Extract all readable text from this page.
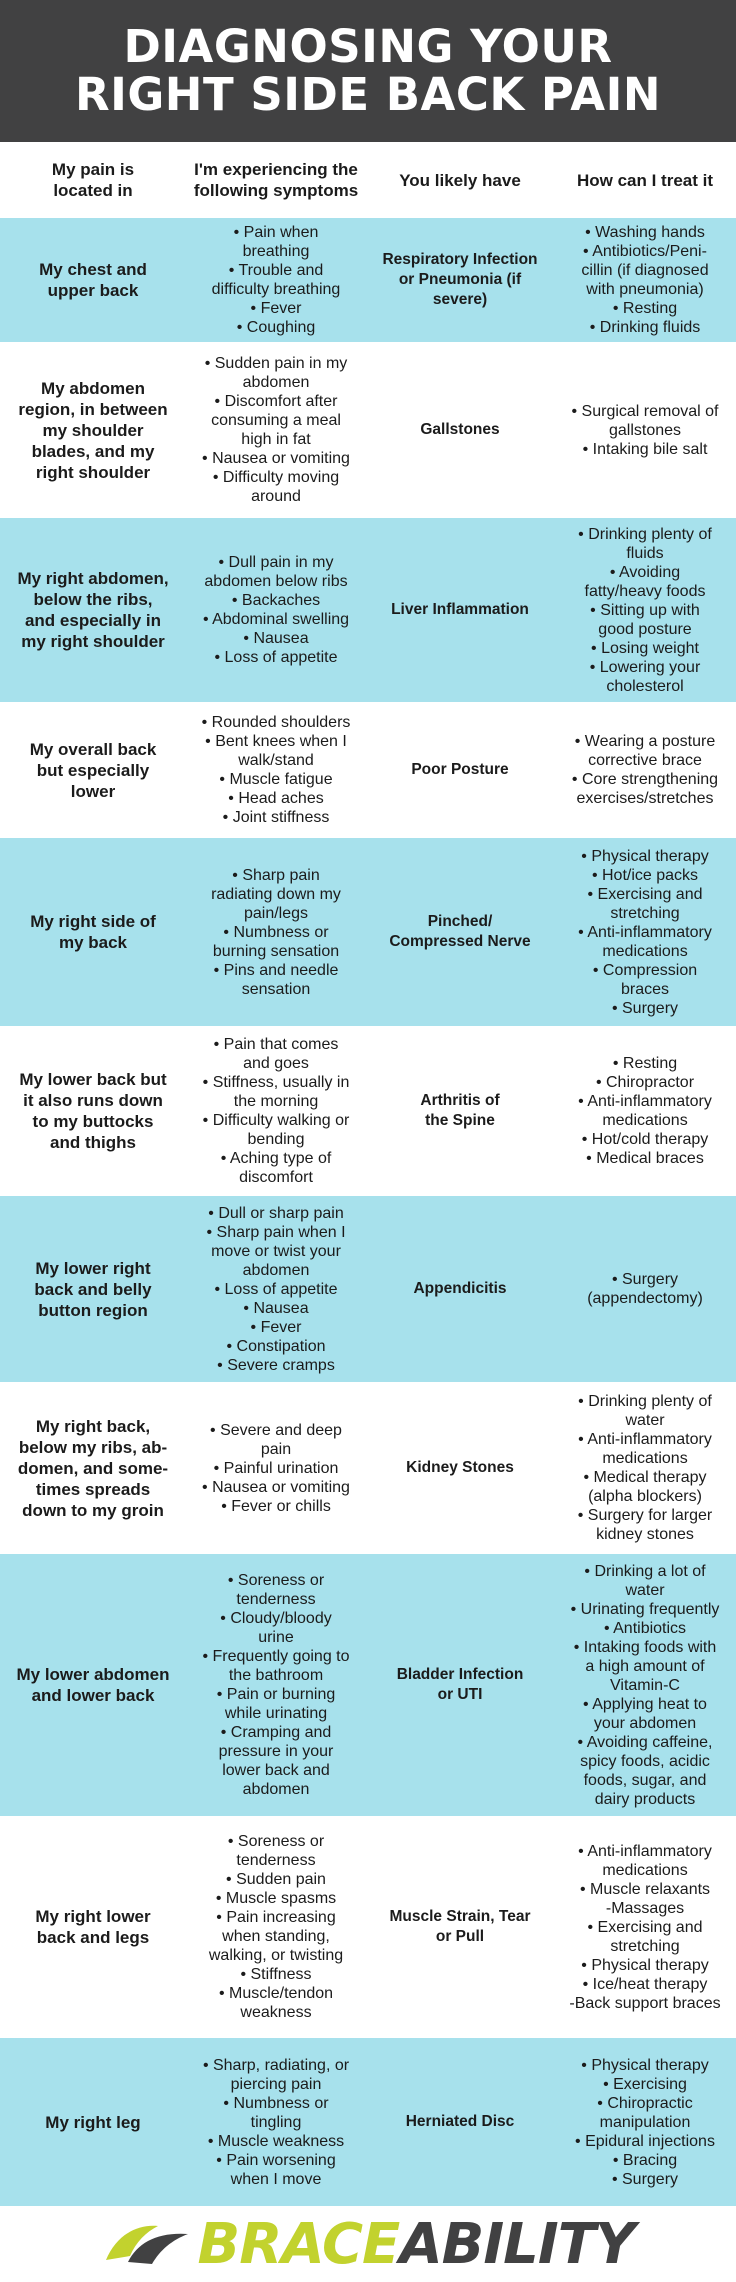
DIAGNOSING YOUR
RIGHT SIDE BACK PAIN
My pain is
located in
I'm experiencing the
following symptoms
You likely have	How can I treat it
My chest and
upper back
• Pain when
breathing
• Trouble and
difficulty breathing
• Fever
• Coughing
Respiratory Infection
or Pneumonia (if
severe)
• Washing hands
• Antibiotics/Peni-
cillin (if diagnosed
with pneumonia)
• Resting
• Drinking fluids
My abdomen
region, in between
my shoulder
blades, and my
right shoulder
• Sudden pain in my
abdomen
• Discomfort after
consuming a meal
high in fat
• Nausea or vomiting
• Difficulty moving
around
Gallstones
• Surgical removal of
gallstones
• Intaking bile salt
My right abdomen,
below the ribs,
and especially in
my right shoulder
• Dull pain in my
abdomen below ribs
• Backaches
• Abdominal swelling
• Nausea
• Loss of appetite
Liver Inflammation
• Drinking plenty of
fluids
• Avoiding
fatty/heavy foods
• Sitting up with
good posture
• Losing weight
• Lowering your
cholesterol
My overall back
but especially
lower
• Rounded shoulders
• Bent knees when I
walk/stand
• Muscle fatigue
• Head aches
• Joint stiffness
Poor Posture
• Wearing a posture
corrective brace
• Core strengthening
exercises/stretches
My right side of
my back
• Sharp pain
radiating down my
pain/legs
• Numbness or
burning sensation
• Pins and needle
sensation
Pinched/
Compressed Nerve
• Physical therapy
• Hot/ice packs
• Exercising and
stretching
• Anti-inflammatory
medications
• Compression
braces
• Surgery
My lower back but
it also runs down
to my buttocks
and thighs
• Pain that comes
and goes
• Stiffness, usually in
the morning
• Difficulty walking or
bending
• Aching type of
discomfort
Arthritis of
the Spine
• Resting
• Chiropractor
• Anti-inflammatory
medications
• Hot/cold therapy
• Medical braces
My lower right
back and belly
button region
• Dull or sharp pain
• Sharp pain when I
move or twist your
abdomen
• Loss of appetite
• Nausea
• Fever
• Constipation
• Severe cramps
Appendicitis
• Surgery
(appendectomy)
My right back,
below my ribs, ab-
domen, and some-
times spreads
down to my groin
• Severe and deep
pain
• Painful urination
• Nausea or vomiting
• Fever or chills
Kidney Stones
• Drinking plenty of
water
• Anti-inflammatory
medications
• Medical therapy
(alpha blockers)
• Surgery for larger
kidney stones
My lower abdomen
and lower back
• Soreness or
tenderness
• Cloudy/bloody
urine
• Frequently going to
the bathroom
• Pain or burning
while urinating
• Cramping and
pressure in your
lower back and
abdomen
Bladder Infection
or UTI
• Drinking a lot of
water
• Urinating frequently
• Antibiotics
• Intaking foods with
a high amount of
Vitamin-C
• Applying heat to
your abdomen
• Avoiding caffeine,
spicy foods, acidic
foods, sugar, and
dairy products
My right lower
back and legs
• Soreness or
tenderness
• Sudden pain
• Muscle spasms
• Pain increasing
when standing,
walking, or twisting
• Stiffness
• Muscle/tendon
weakness
Muscle Strain, Tear
or Pull
• Anti-inflammatory
medications
• Muscle relaxants
-Massages
• Exercising and
stretching
• Physical therapy
• Ice/heat therapy
-Back support braces
My right leg
• Sharp, radiating, or
piercing pain
• Numbness or
tingling
• Muscle weakness
• Pain worsening
when I move
Herniated Disc
• Physical therapy
• Exercising
• Chiropractic
manipulation
• Epidural injections
• Bracing
• Surgery
BRACEABILITY
